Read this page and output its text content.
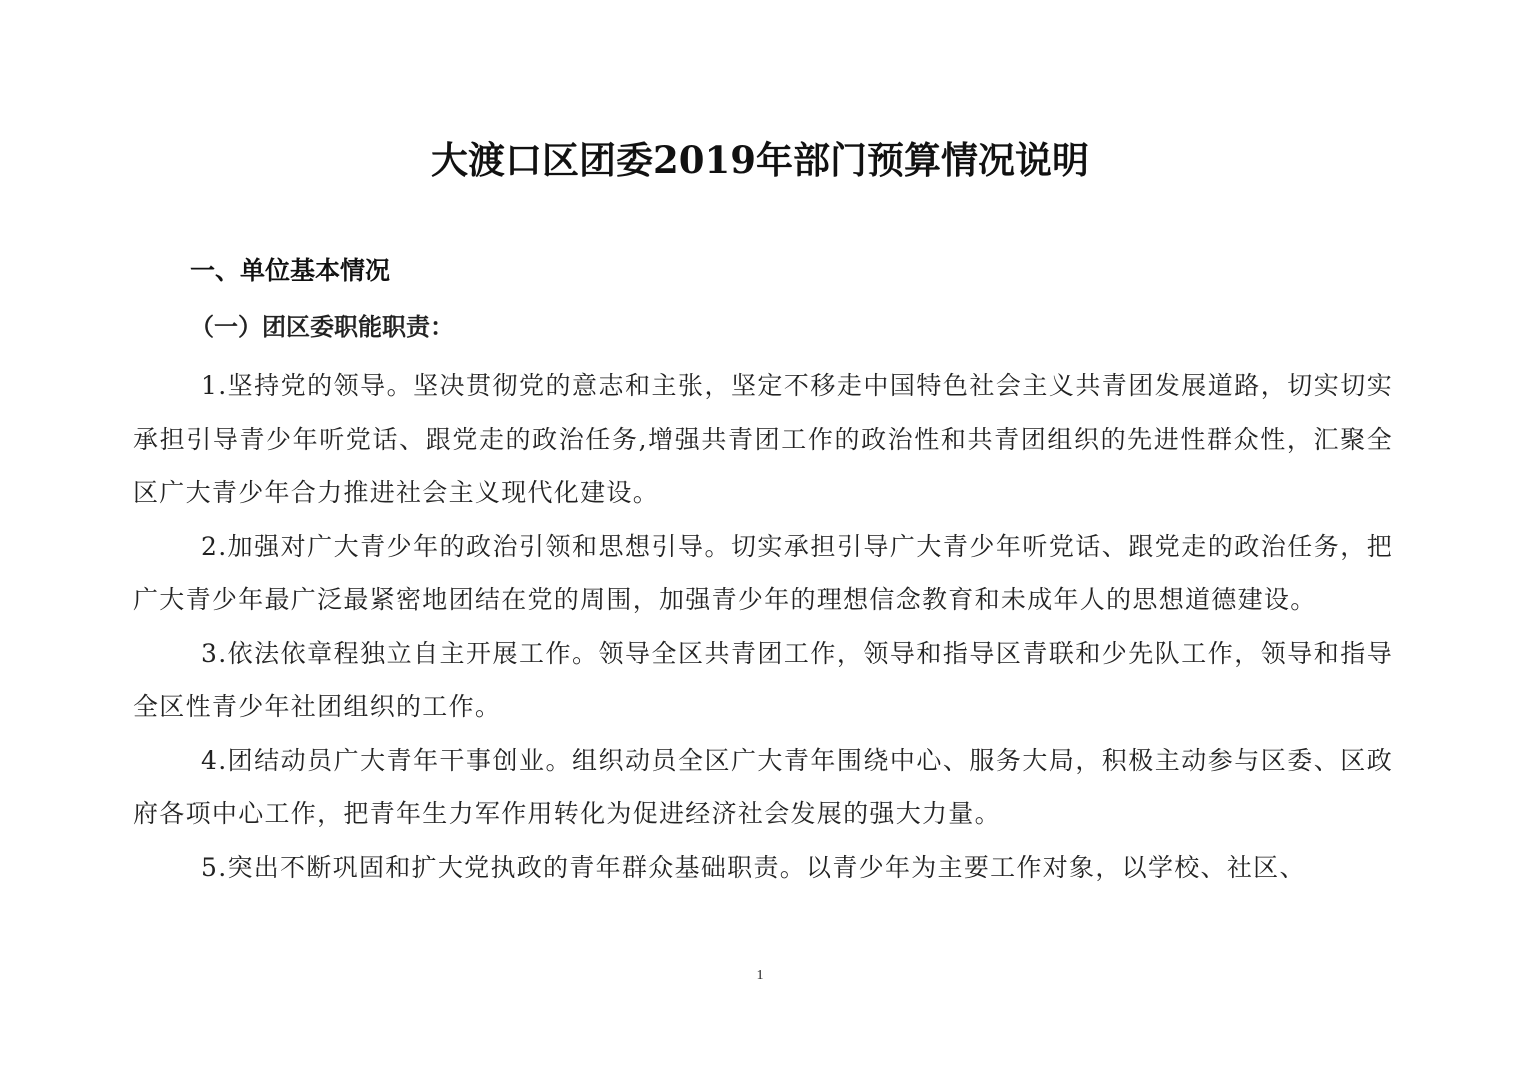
大渡口区团委2019年部门预算情况说明
一、单位基本情况
（一）团区委职能职责：

1.坚持党的领导。坚决贯彻党的意志和主张，坚定不移走中国特色社会主义共青团发展道路，切实切实承担引导青少年听党话、跟党走的政治任务,增强共青团工作的政治性和共青团组织的先进性群众性，汇聚全区广大青少年合力推进社会主义现代化建设。

2.加强对广大青少年的政治引领和思想引导。切实承担引导广大青少年听党话、跟党走的政治任务，把广大青少年最广泛最紧密地团结在党的周围，加强青少年的理想信念教育和未成年人的思想道德建设。

3.依法依章程独立自主开展工作。领导全区共青团工作，领导和指导区青联和少先队工作，领导和指导全区性青少年社团组织的工作。

4.团结动员广大青年干事创业。组织动员全区广大青年围绕中心、服务大局，积极主动参与区委、区政府各项中心工作，把青年生力军作用转化为促进经济社会发展的强大力量。

5.突出不断巩固和扩大党执政的青年群众基础职责。以青少年为主要工作对象，以学校、社区、

1
